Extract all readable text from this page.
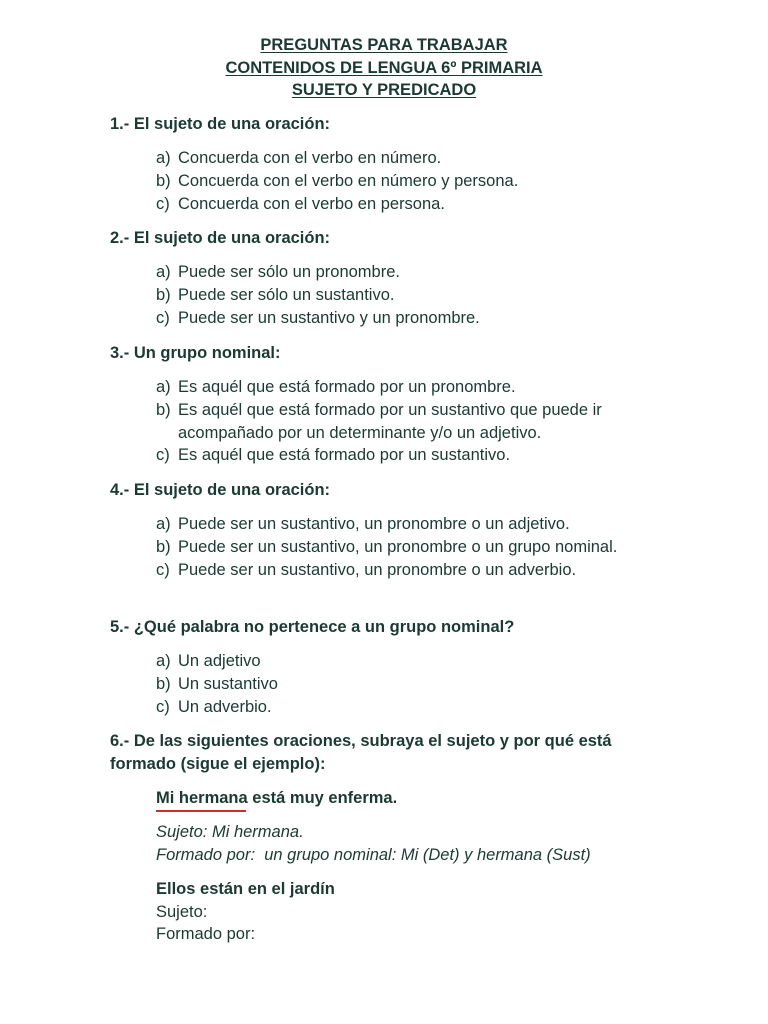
PREGUNTAS PARA TRABAJAR
CONTENIDOS DE LENGUA 6º PRIMARIA
SUJETO Y PREDICADO
1.- El sujeto de una oración:
a) Concuerda con el verbo en número.
b) Concuerda con el verbo en número y persona.
c) Concuerda con el verbo en persona.
2.- El sujeto de una oración:
a) Puede ser sólo un pronombre.
b) Puede ser sólo un sustantivo.
c) Puede ser un sustantivo y un pronombre.
3.- Un grupo nominal:
a) Es aquél que está formado por un pronombre.
b) Es aquél que está formado por un sustantivo que puede ir acompañado por un determinante y/o un adjetivo.
c) Es aquél que está formado por un sustantivo.
4.- El sujeto de una oración:
a) Puede ser un sustantivo, un pronombre o un adjetivo.
b) Puede ser un sustantivo, un pronombre o un grupo nominal.
c) Puede ser un sustantivo, un pronombre o un adverbio.
5.- ¿Qué palabra no pertenece a un grupo nominal?
a) Un adjetivo
b) Un sustantivo
c) Un adverbio.
6.- De las siguientes oraciones, subraya el sujeto y por qué está formado (sigue el ejemplo):
Mi hermana
está muy enferma.
Sujeto: Mi hermana.
Formado por:  un grupo nominal: Mi (Det) y hermana (Sust)
Ellos están en el jardín
Sujeto:
Formado por:
